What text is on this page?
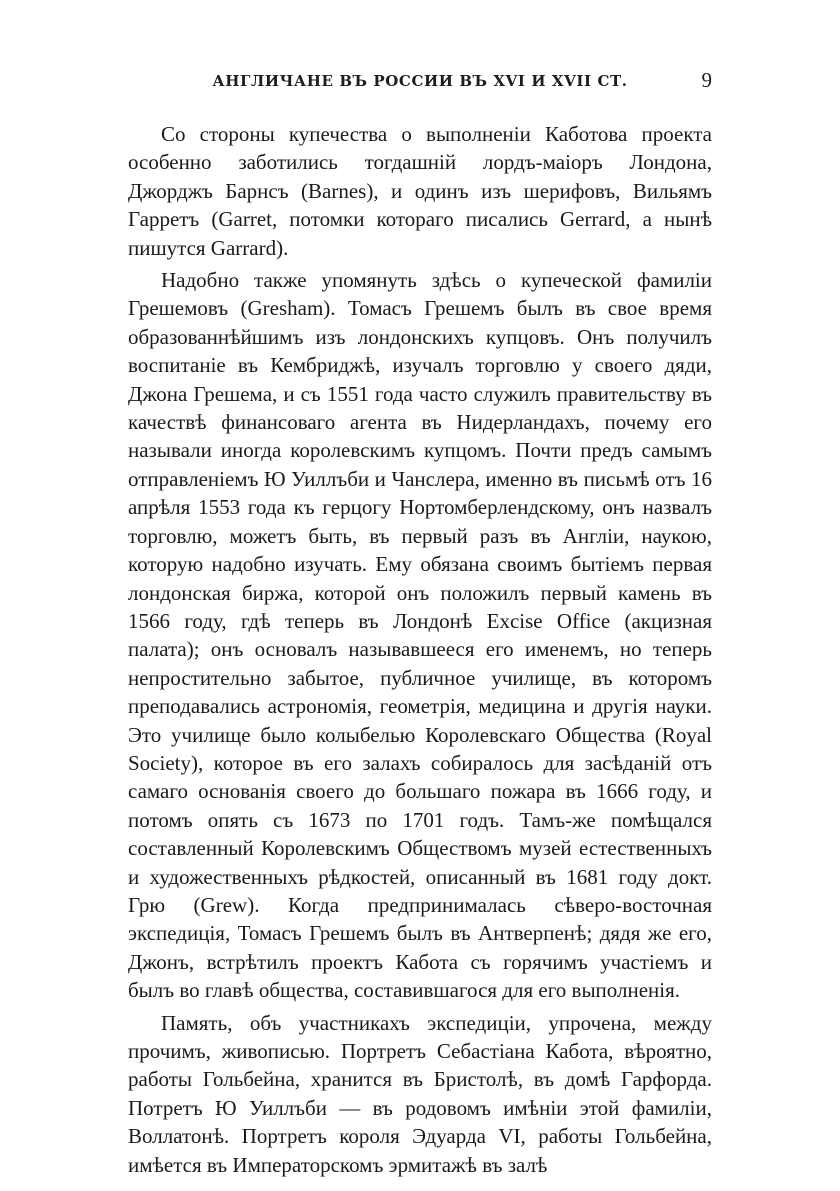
АНГЛИЧАНЕ ВЪ РОССИИ ВЪ XVI И XVII СТ.	9

Со стороны купечества о выполненіи Каботова проекта особенно заботились тогдашній лордъ-маіоръ Лондона, Джорджъ Барнсъ (Barnes), и одинъ изъ шерифовъ, Вильямъ Гарретъ (Garret, потомки котораго писались Gerrard, а нынѣ пишутся Garrard).

Надобно также упомянуть здѣсь о купеческой фамиліи Грешемовъ (Gresham). Томасъ Грешемъ былъ въ свое время образованнѣйшимъ изъ лондонскихъ купцовъ. Онъ получилъ воспитаніе въ Кембриджѣ, изучалъ торговлю у своего дяди, Джона Грешема, и съ 1551 года часто служилъ правительству въ качествѣ финансоваго агента въ Нидерландахъ, почему его называли иногда королевскимъ купцомъ. Почти предъ самымъ отправленіемъ Ю Уиллъби и Чанслера, именно въ письмѣ отъ 16 апрѣля 1553 года къ герцогу Нортомберлендскому, онъ назвалъ торговлю, можетъ быть, въ первый разъ въ Англіи, наукою, которую надобно изучать. Ему обязана своимъ бытіемъ первая лондонская биржа, которой онъ положилъ первый камень въ 1566 году, гдѣ теперь въ Лондонѣ Excise Office (акцизная палата); онъ основалъ называвшееся его именемъ, но теперь непростительно забытое, публичное училище, въ которомъ преподавались астрономія, геометрія, медицина и другія науки. Это училище было колыбелью Королевскаго Общества (Royal Society), которое въ его залахъ собиралось для засѣданій отъ самаго основанія своего до большаго пожара въ 1666 году, и потомъ опять съ 1673 по 1701 годъ. Тамъ-же помѣщался составленный Королевскимъ Обществомъ музей естественныхъ и художественныхъ рѣдкостей, описанный въ 1681 году докт. Грю (Grew). Когда предпринималась сѣверо-восточная экспедиція, Томасъ Грешемъ былъ въ Антверпенѣ; дядя же его, Джонъ, встрѣтилъ проектъ Кабота съ горячимъ участіемъ и былъ во главѣ общества, составившагося для его выполненія.

Память, объ участникахъ экспедиціи, упрочена, между прочимъ, живописью. Портретъ Себастіана Кабота, вѣроятно, работы Гольбейна, хранится въ Бристолѣ, въ домѣ Гарфорда. Потретъ Ю Уиллъби — въ родовомъ имѣніи этой фамиліи, Воллатонѣ. Портретъ короля Эдуарда VI, работы Гольбейна, имѣется въ Императорскомъ эрмитажѣ въ залѣ
